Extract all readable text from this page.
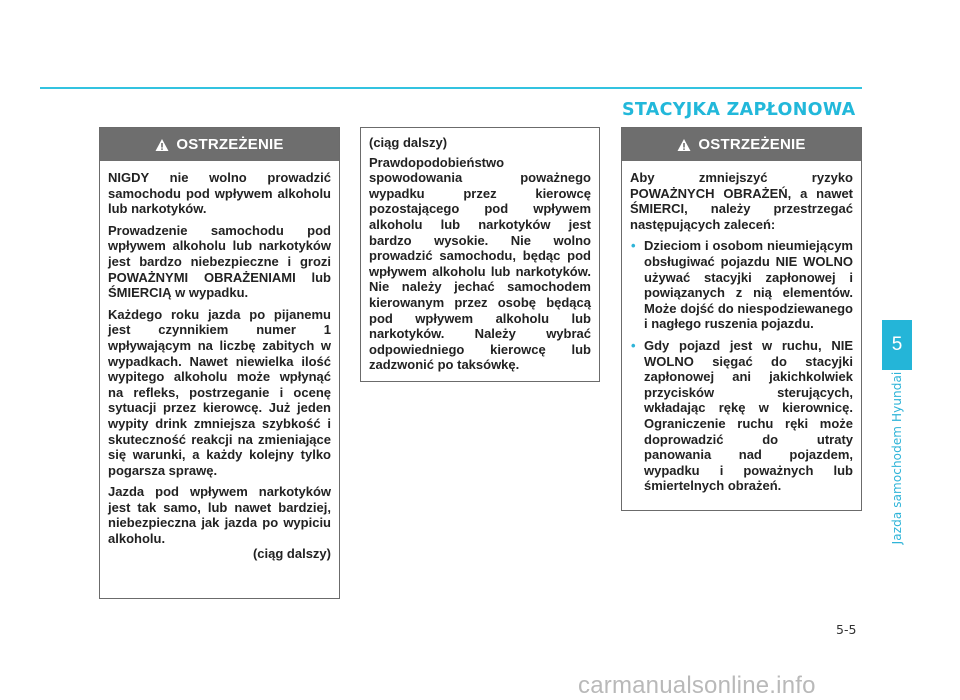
STACYJKA ZAPŁONOWA
OSTRZEŻENIE

NIGDY nie wolno prowadzić samochodu pod wpływem alkoholu lub narkotyków.

Prowadzenie samochodu pod wpływem alkoholu lub narkotyków jest bardzo niebezpieczne i grozi POWAŻNYMI OBRAŻENIAMI lub ŚMIERCIĄ w wypadku.

Każdego roku jazda po pijanemu jest czynnikiem numer 1 wpływającym na liczbę zabitych w wypadkach. Nawet niewielka ilość wypitego alkoholu może wpłynąć na refleks, postrzeganie i ocenę sytuacji przez kierowcę. Już jeden wypity drink zmniejsza szybkość i skuteczność reakcji na zmieniające się warunki, a każdy kolejny tylko pogarsza sprawę.

Jazda pod wpływem narkotyków jest tak samo, lub nawet bardziej, niebezpieczna jak jazda po wypiciu alkoholu.

(ciąg dalszy)

(ciąg dalszy)

Prawdopodobieństwo spowodowania poważnego wypadku przez kierowcę pozostającego pod wpływem alkoholu lub narkotyków jest bardzo wysokie. Nie wolno prowadzić samochodu, będąc pod wpływem alkoholu lub narkotyków. Nie należy jechać samochodem kierowanym przez osobę będącą pod wpływem alkoholu lub narkotyków. Należy wybrać odpowiedniego kierowcę lub zadzwonić po taksówkę.

OSTRZEŻENIE

Aby zmniejszyć ryzyko POWAŻNYCH OBRAŻEŃ, a nawet ŚMIERCI, należy przestrzegać następujących zaleceń:

• Dzieciom i osobom nieumiejącym obsługiwać pojazdu NIE WOLNO używać stacyjki zapłonowej i powiązanych z nią elementów. Może dojść do niespodziewanego i nagłego ruszenia pojazdu.
• Gdy pojazd jest w ruchu, NIE WOLNO sięgać do stacyjki zapłonowej ani jakichkolwiek przycisków sterujących, wkładając rękę w kierownicę. Ograniczenie ruchu ręki może doprowadzić do utraty panowania nad pojazdem, wypadku i poważnych lub śmiertelnych obrażeń.
5
Jazda samochodem Hyundai
5-5
carmanualsonline.info
